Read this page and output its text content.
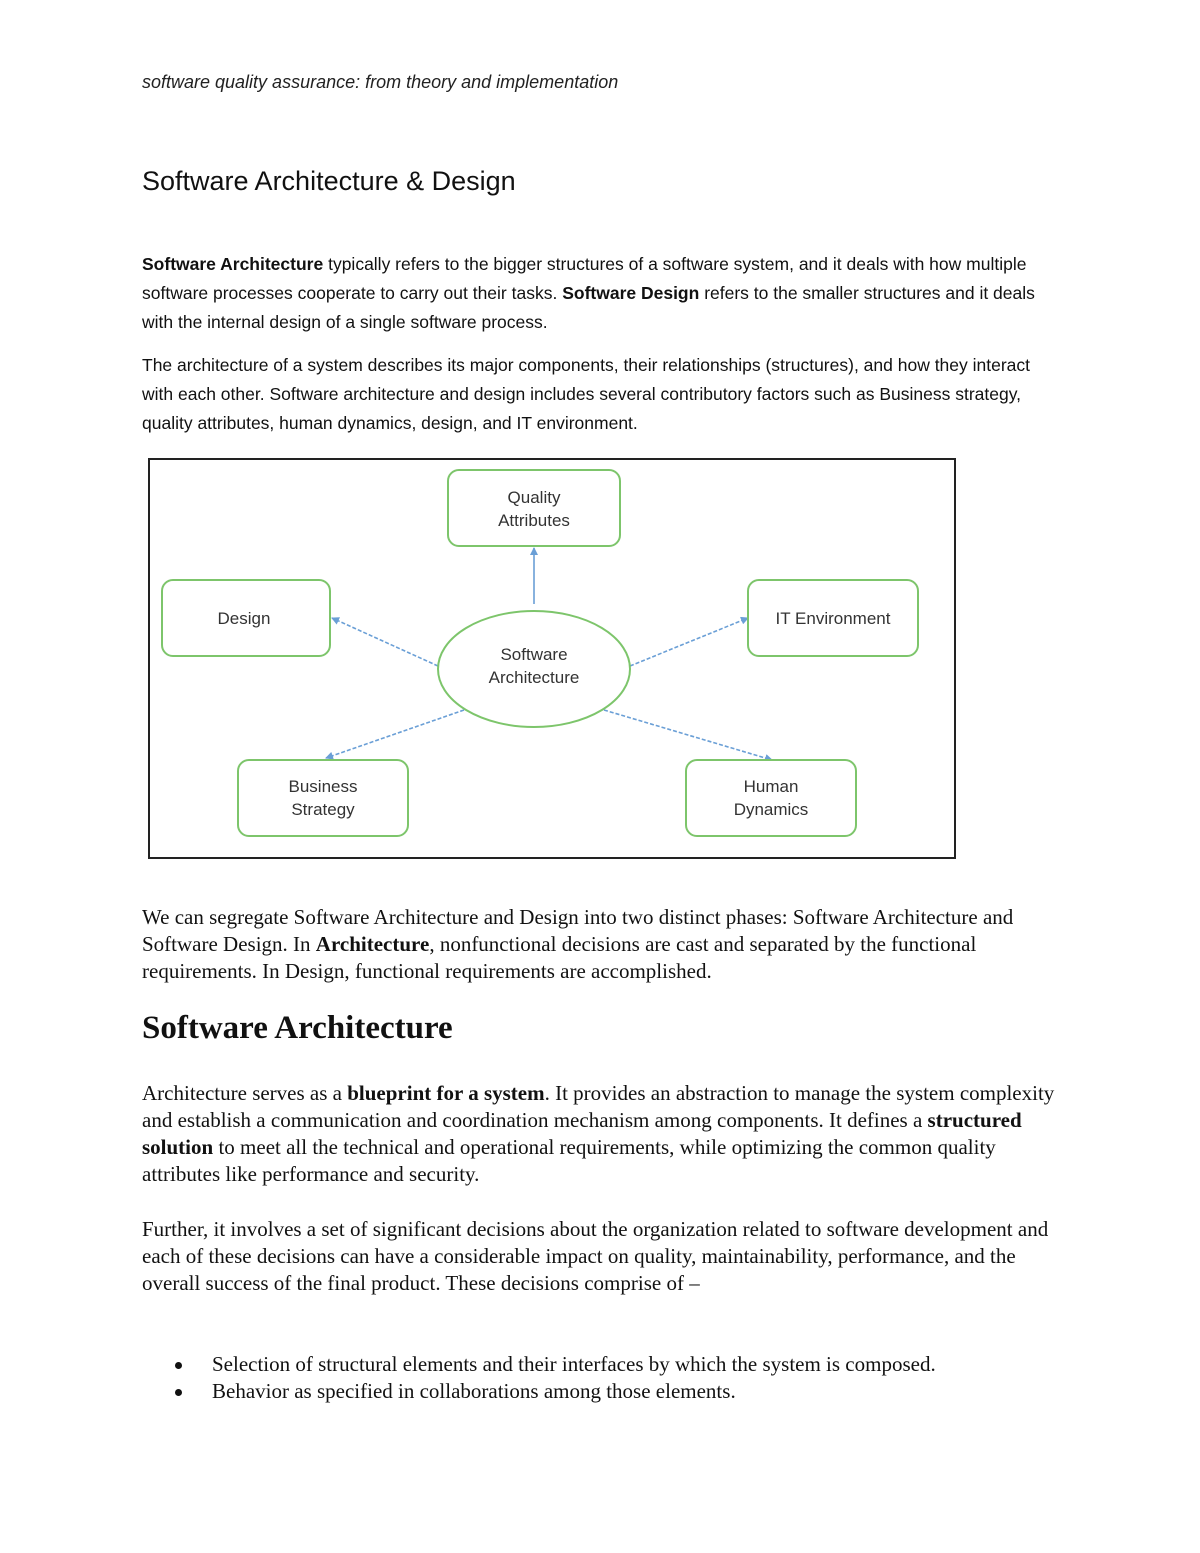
software quality assurance: from theory and implementation
Software Architecture & Design

Software Architecture typically refers to the bigger structures of a software system, and it deals with how multiple software processes cooperate to carry out their tasks. Software Design refers to the smaller structures and it deals with the internal design of a single software process.

The architecture of a system describes its major components, their relationships (structures), and how they interact with each other. Software architecture and design includes several contributory factors such as Business strategy, quality attributes, human dynamics, design, and IT environment.

Software
Architecture
Quality
Attributes
Design	IT Environment
Business
Strategy
Human
Dynamics

We can segregate Software Architecture and Design into two distinct phases: Software Architecture and Software Design. In Architecture, nonfunctional decisions are cast and separated by the functional requirements. In Design, functional requirements are accomplished.

Software Architecture

Architecture serves as a blueprint for a system. It provides an abstraction to manage the system complexity and establish a communication and coordination mechanism among components. It defines a structured solution to meet all the technical and operational requirements, while optimizing the common quality attributes like performance and security.

Further, it involves a set of significant decisions about the organization related to software development and each of these decisions can have a considerable impact on quality, maintainability, performance, and the overall success of the final product. These decisions comprise of –

Selection of structural elements and their interfaces by which the system is composed.
Behavior as specified in collaborations among those elements.
